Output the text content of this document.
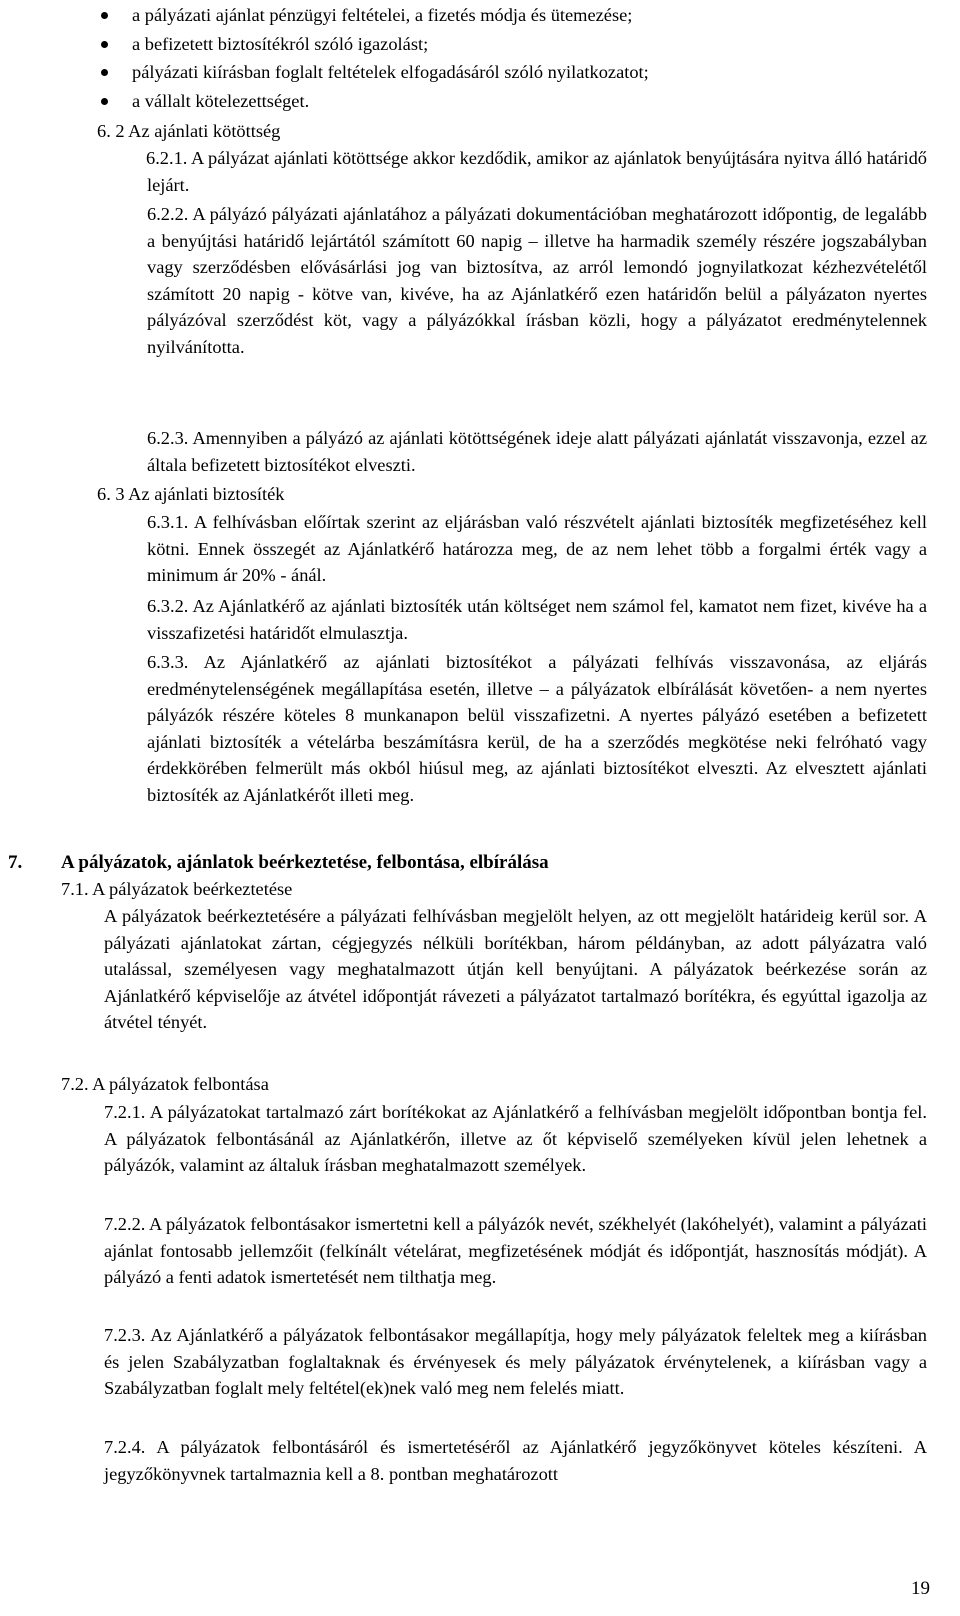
a pályázati ajánlat pénzügyi feltételei, a fizetés módja és ütemezése;
a befizetett biztosítékról szóló igazolást;
pályázati kiírásban foglalt feltételek elfogadásáról szóló nyilatkozatot;
a vállalt kötelezettséget.
6. 2 Az ajánlati kötöttség
6.2.1. A pályázat ajánlati kötöttsége akkor kezdődik, amikor az ajánlatok benyújtására nyitva álló határidő lejárt.
6.2.2. A pályázó pályázati ajánlatához a pályázati dokumentációban meghatározott időpontig, de legalább a benyújtási határidő lejártától számított 60 napig – illetve ha harmadik személy részére jogszabályban vagy szerződésben elővásárlási jog van biztosítva, az arról lemondó jognyilatkozat kézhezvételétől számított 20 napig - kötve van, kivéve, ha az Ajánlatkérő ezen határidőn belül a pályázaton nyertes pályázóval szerződést köt, vagy a pályázókkal írásban közli, hogy a pályázatot eredménytelennek nyilvánította.
6.2.3. Amennyiben a pályázó az ajánlati kötöttségének ideje alatt pályázati ajánlatát visszavonja, ezzel az általa befizetett biztosítékot elveszti.
6. 3 Az ajánlati biztosíték
6.3.1. A felhívásban előírtak szerint az eljárásban való részvételt ajánlati biztosíték megfizetéséhez kell kötni. Ennek összegét az Ajánlatkérő határozza meg, de az nem lehet több a forgalmi érték vagy a minimum ár 20% - ánál.
6.3.2. Az Ajánlatkérő az ajánlati biztosíték után költséget nem számol fel, kamatot nem fizet, kivéve ha a visszafizetési határidőt elmulasztja.
6.3.3. Az Ajánlatkérő az ajánlati biztosítékot a pályázati felhívás visszavonása, az eljárás eredménytelenségének megállapítása esetén, illetve – a pályázatok elbírálását követően- a nem nyertes pályázók részére köteles 8 munkanapon belül visszafizetni. A nyertes pályázó esetében a befizetett ajánlati biztosíték a vételárba beszámításra kerül, de ha a szerződés megkötése neki felróható vagy érdekkörében felmerült más okból hiúsul meg, az ajánlati biztosítékot elveszti. Az elvesztett ajánlati biztosíték az Ajánlatkérőt illeti meg.
7. A pályázatok, ajánlatok beérkeztetése, felbontása, elbírálása
7.1. A pályázatok beérkeztetése
A pályázatok beérkeztetésére a pályázati felhívásban megjelölt helyen, az ott megjelölt határideig kerül sor. A pályázati ajánlatokat zártan, cégjegyzés nélküli borítékban, három példányban, az adott pályázatra való utalással, személyesen vagy meghatalmazott útján kell benyújtani. A pályázatok beérkezése során az Ajánlatkérő képviselője az átvétel időpontját rávezeti a pályázatot tartalmazó borítékra, és egyúttal igazolja az átvétel tényét.
7.2. A pályázatok felbontása
7.2.1. A pályázatokat tartalmazó zárt borítékokat az Ajánlatkérő a felhívásban megjelölt időpontban bontja fel. A pályázatok felbontásánál az Ajánlatkérőn, illetve az őt képviselő személyeken kívül jelen lehetnek a pályázók, valamint az általuk írásban meghatalmazott személyek.
7.2.2. A pályázatok felbontásakor ismertetni kell a pályázók nevét, székhelyét (lakóhelyét), valamint a pályázati ajánlat fontosabb jellemzőit (felkínált vételárat, megfizetésének módját és időpontját, hasznosítás módját). A pályázó a fenti adatok ismertetését nem tilthatja meg.
7.2.3. Az Ajánlatkérő a pályázatok felbontásakor megállapítja, hogy mely pályázatok feleltek meg a kiírásban és jelen Szabályzatban foglaltaknak és érvényesek és mely pályázatok érvénytelenek, a kiírásban vagy a Szabályzatban foglalt mely feltétel(ek)nek való meg nem felelés miatt.
7.2.4. A pályázatok felbontásáról és ismertetéséről az Ajánlatkérő jegyzőkönyvet köteles készíteni. A jegyzőkönyvnek tartalmaznia kell a 8. pontban meghatározott
19
